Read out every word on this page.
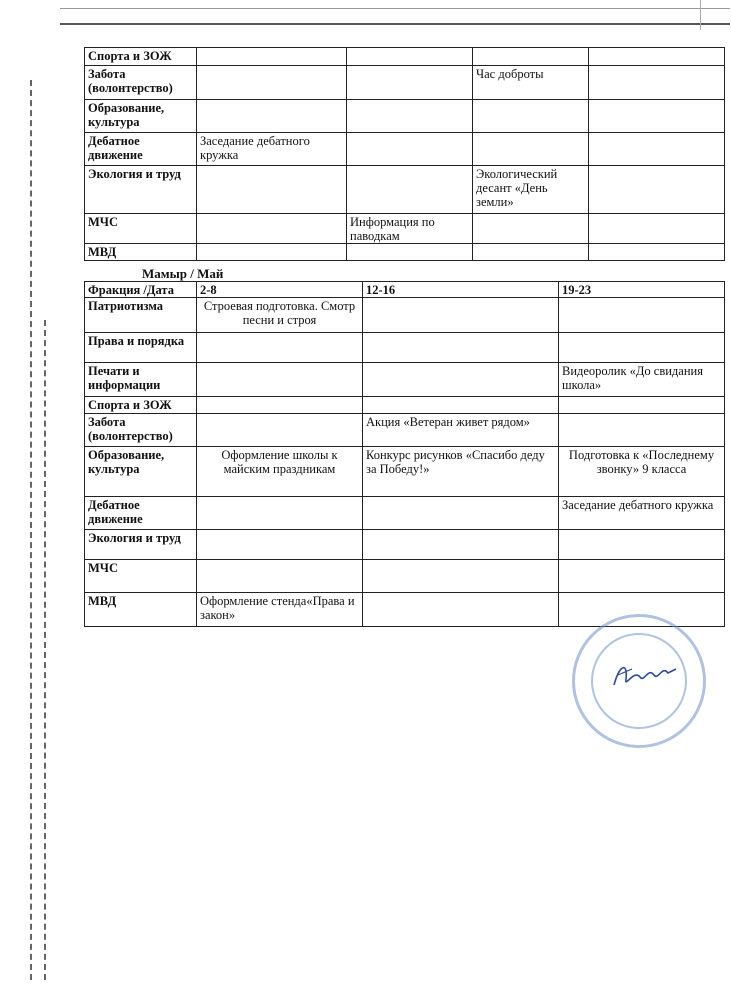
Спорта и ЗОЖ				
Забота (волонтерство)			Час доброты	
Образование, культура				
Дебатное движение	Заседание дебатного кружка			
Экология и труд			Экологический десант «День земли»	
МЧС		Информация по паводкам		
МВД				
Мамыр / Май
Фракция /Дата	2-8	12-16	19-23
Патриотизма	Строевая подготовка. Смотр песни и строя		
Права и порядка			
Печати и информации			Видеоролик «До свидания школа»
Спорта и ЗОЖ			
Забота (волонтерство)		Акция «Ветеран живет рядом»	
Образование, культура	Оформление школы к майским праздникам	Конкурс рисунков «Спасибо деду за Победу!»	Подготовка к «Последнему звонку» 9 класса
Дебатное движение			Заседание дебатного кружка
Экология и труд			
МЧС			
МВД	Оформление стенда«Права и закон»		
